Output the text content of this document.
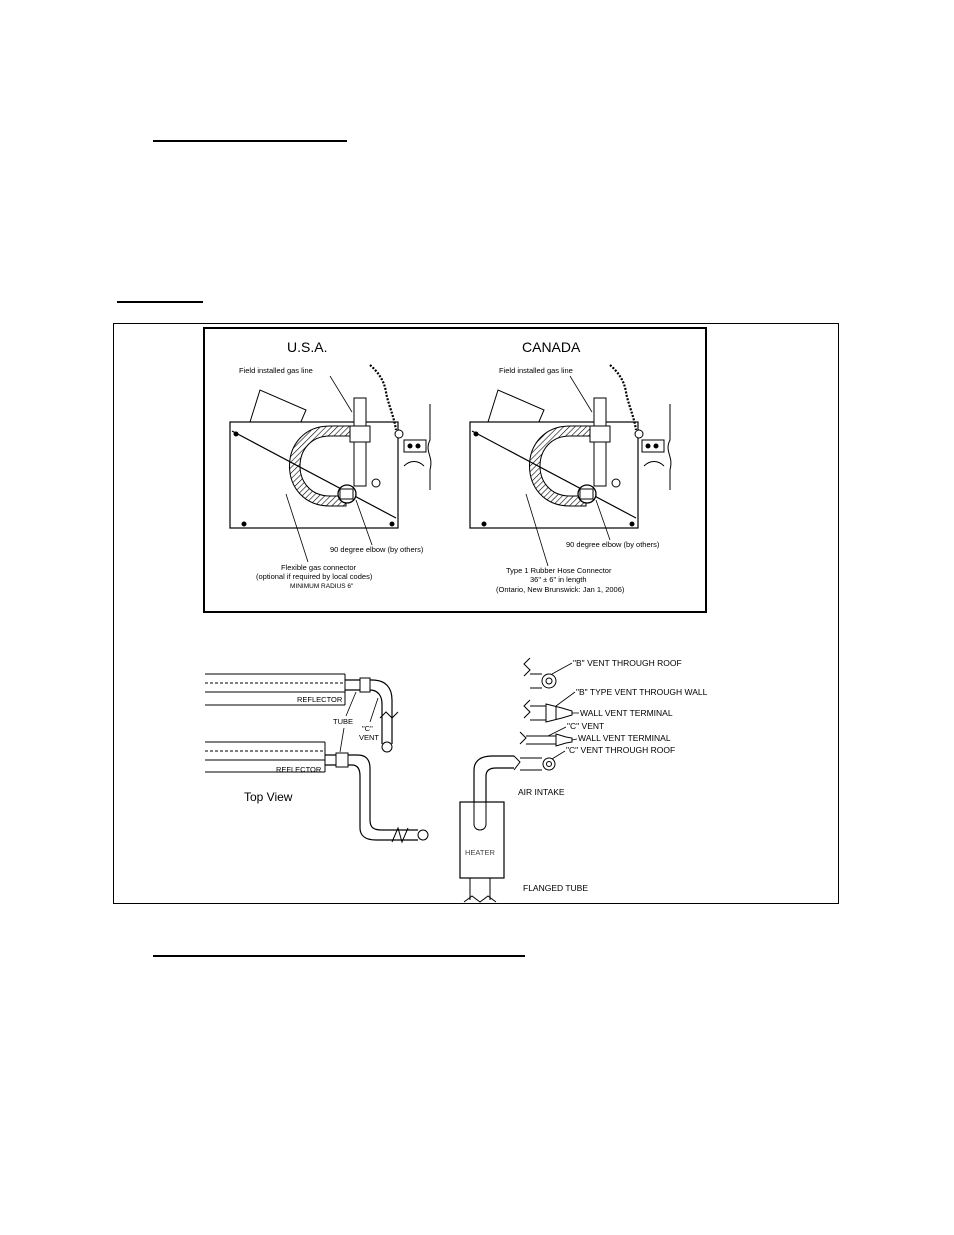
U.S.A.
Field installed gas line
90 degree elbow (by others)
Flexible gas connector
(optional if required by local codes)
MINIMUM RADIUS 6"
CANADA
Field installed gas line
90 degree elbow (by others)
Type 1 Rubber Hose Connector
36" ± 6" in length
(Ontario, New Brunswick: Jan 1, 2006)
REFLECTOR
REFLECTOR
TUBE
"C"
VENT
Top View
"B" VENT THROUGH ROOF
"B" TYPE VENT THROUGH WALL
WALL VENT TERMINAL
"C" VENT
WALL VENT TERMINAL
"C" VENT THROUGH ROOF
AIR INTAKE
HEATER
FLANGED TUBE
